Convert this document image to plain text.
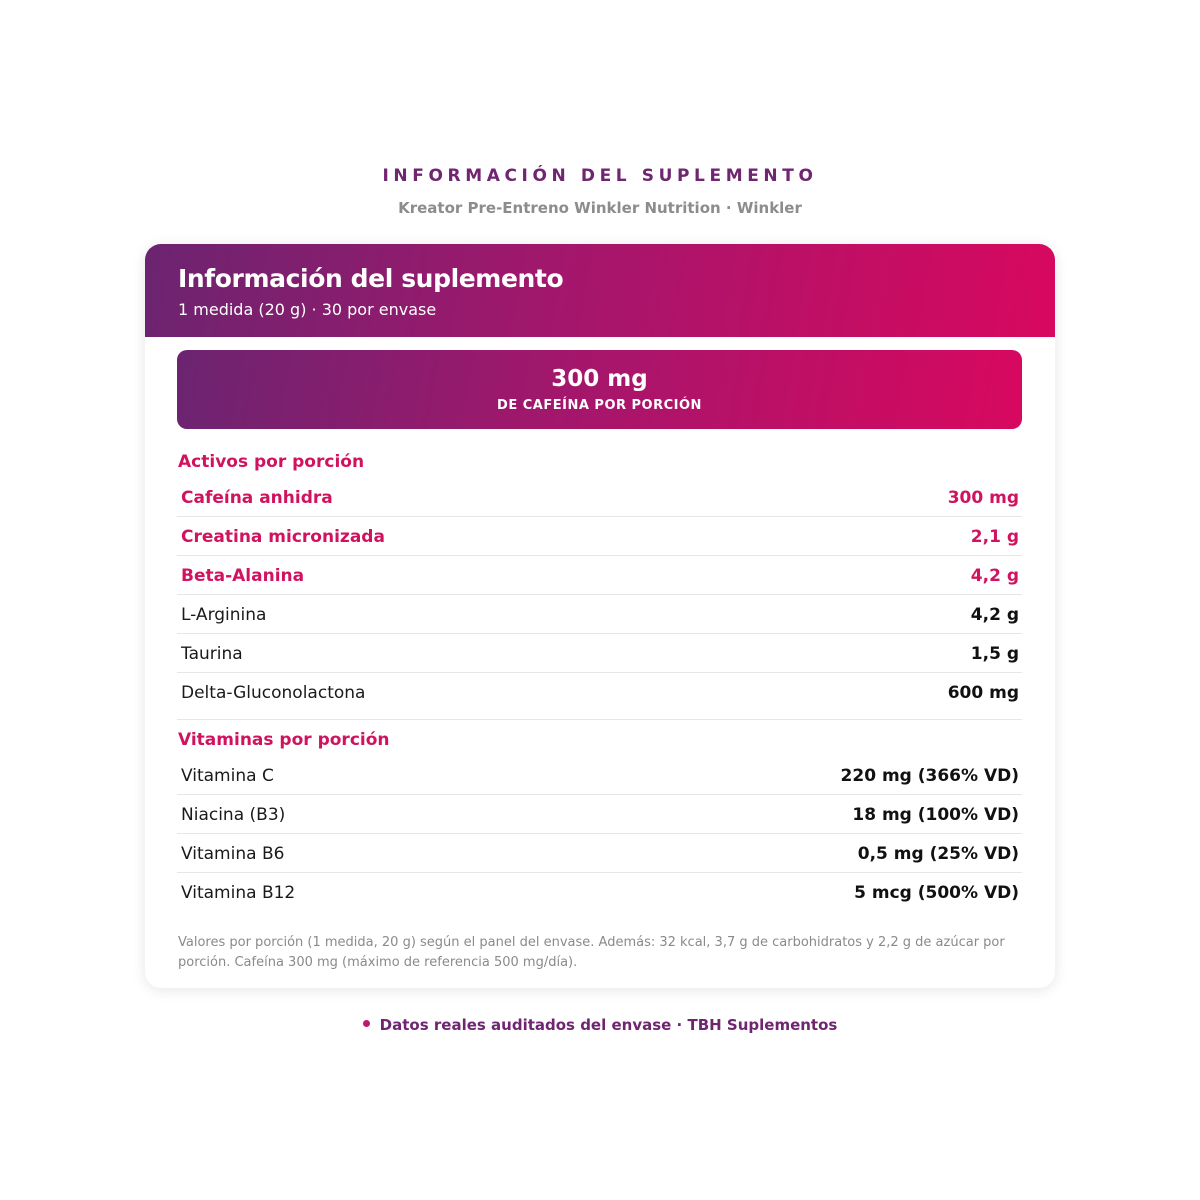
INFORMACIÓN DEL SUPLEMENTO
Kreator Pre-Entreno Winkler Nutrition · Winkler
Información del suplemento
1 medida (20 g) · 30 por envase
300 mg
DE CAFEÍNA POR PORCIÓN
Activos por porción
Cafeína anhidra	300 mg
Creatina micronizada	2,1 g
Beta-Alanina	4,2 g
L-Arginina	4,2 g
Taurina	1,5 g
Delta-Gluconolactona	600 mg
Vitaminas por porción
Vitamina C	220 mg (366% VD)
Niacina (B3)	18 mg (100% VD)
Vitamina B6	0,5 mg (25% VD)
Vitamina B12	5 mcg (500% VD)
Valores por porción (1 medida, 20 g) según el panel del envase. Además: 32 kcal, 3,7 g de carbohidratos y 2,2 g de azúcar por porción. Cafeína 300 mg (máximo de referencia 500 mg/día).
Datos reales auditados del envase · TBH Suplementos
